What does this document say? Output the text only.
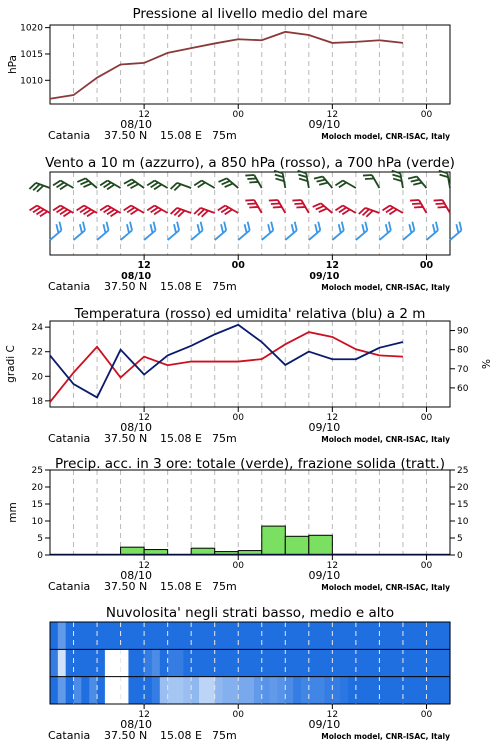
Pressione al livello medio del mare
1010
1015
1020
hPa
12	00	12	00
08/10	09/10
Catania 37.50 N 15.08 E 75m	Moloch model, CNR-ISAC, Italy
Vento a 10 m (azzurro), a 850 hPa (rosso), a 700 hPa (verde)
12	00	12	00
08/10	09/10
Catania 37.50 N 15.08 E 75m	Moloch model, CNR-ISAC, Italy
Temperatura (rosso) ed umidita' relativa (blu) a 2 m
18
20
22
24
60
70
80
90
gradi C	%
12	00	12	00
08/10	09/10
Catania 37.50 N 15.08 E 75m	Moloch model, CNR-ISAC, Italy
Precip. acc. in 3 ore: totale (verde), frazione solida (tratt.)
0	0
5	5
10	10
15	15
20	20
25	25
mm
12	00	12	00
08/10	09/10
Catania 37.50 N 15.08 E 75m	Moloch model, CNR-ISAC, Italy
Nuvolosita' negli strati basso, medio e alto
12	00	12	00
08/10	09/10
Catania 37.50 N 15.08 E 75m	Moloch model, CNR-ISAC, Italy
